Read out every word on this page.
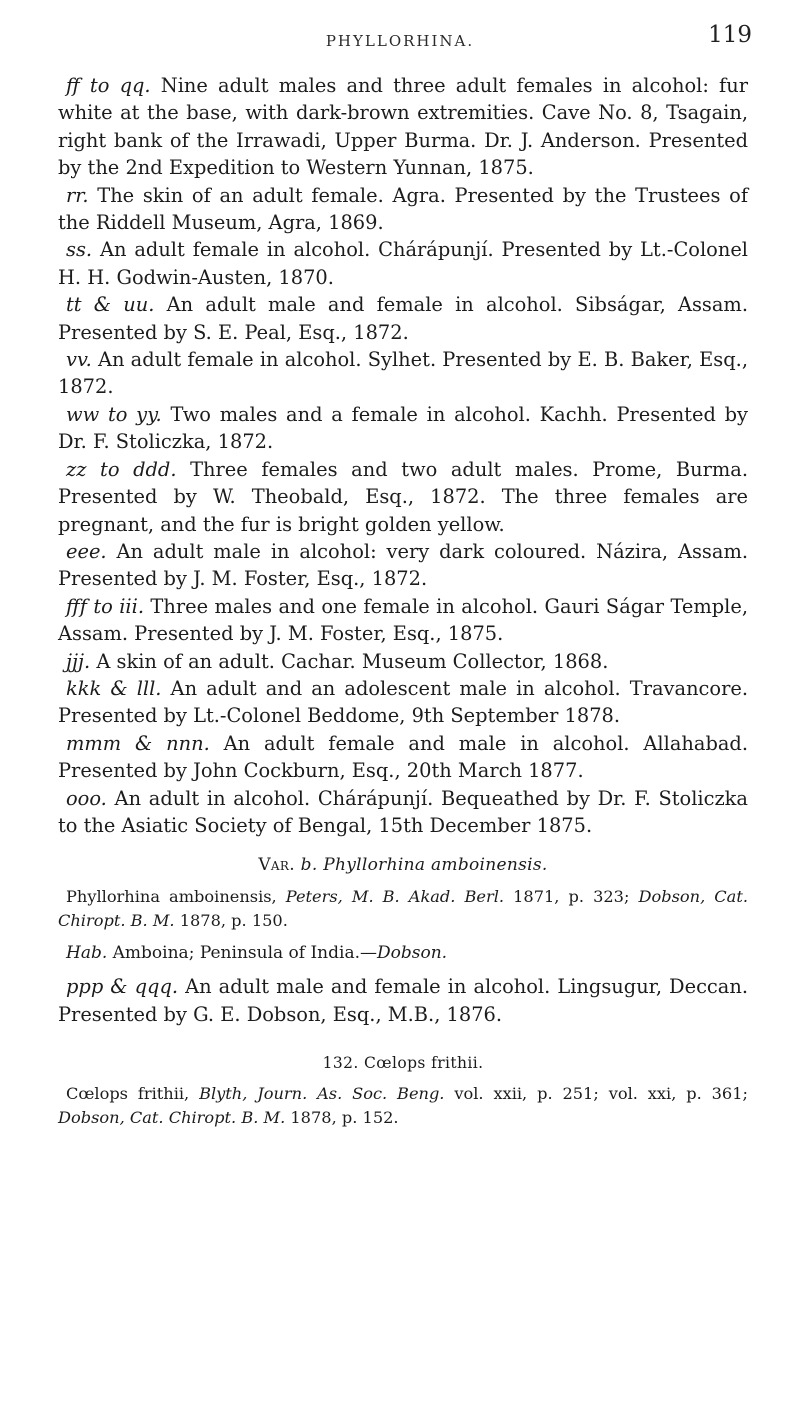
PHYLLORHINA.	119

ff to qq. Nine adult males and three adult females in alcohol: fur white at the base, with dark-brown extremities. Cave No. 8, Tsagain, right bank of the Irrawadi, Upper Burma. Dr. J. Anderson. Presented by the 2nd Expedition to Western Yunnan, 1875.

rr. The skin of an adult female. Agra. Presented by the Trustees of the Riddell Museum, Agra, 1869.

ss. An adult female in alcohol. Chárápunjí. Presented by Lt.-Colonel H. H. Godwin-Austen, 1870.

tt & uu. An adult male and female in alcohol. Sibságar, Assam. Presented by S. E. Peal, Esq., 1872.

vv. An adult female in alcohol. Sylhet. Presented by E. B. Baker, Esq., 1872.

ww to yy. Two males and a female in alcohol. Kachh. Presented by Dr. F. Stoliczka, 1872.

zz to ddd. Three females and two adult males. Prome, Burma. Presented by W. Theobald, Esq., 1872. The three females are pregnant, and the fur is bright golden yellow.

eee. An adult male in alcohol: very dark coloured. Názira, Assam. Presented by J. M. Foster, Esq., 1872.

fff to iii. Three males and one female in alcohol. Gauri Ságar Temple, Assam. Presented by J. M. Foster, Esq., 1875.

jjj. A skin of an adult. Cachar. Museum Collector, 1868.

kkk & lll. An adult and an adolescent male in alcohol. Travancore. Presented by Lt.-Colonel Beddome, 9th September 1878.

mmm & nnn. An adult female and male in alcohol. Allahabad. Presented by John Cockburn, Esq., 20th March 1877.

ooo. An adult in alcohol. Chárápunjí. Bequeathed by Dr. F. Stoliczka to the Asiatic Society of Bengal, 15th December 1875.

Var. b. Phyllorhina amboinensis.

Phyllorhina amboinensis, Peters, M. B. Akad. Berl. 1871, p. 323; Dobson, Cat. Chiropt. B. M. 1878, p. 150.

Hab. Amboina; Peninsula of India.—Dobson.

ppp & qqq. An adult male and female in alcohol. Lingsugur, Deccan. Presented by G. E. Dobson, Esq., M.B., 1876.

132. Cœlops frithii.

Cœlops frithii, Blyth, Journ. As. Soc. Beng. vol. xxii, p. 251; vol. xxi, p. 361; Dobson, Cat. Chiropt. B. M. 1878, p. 152.
